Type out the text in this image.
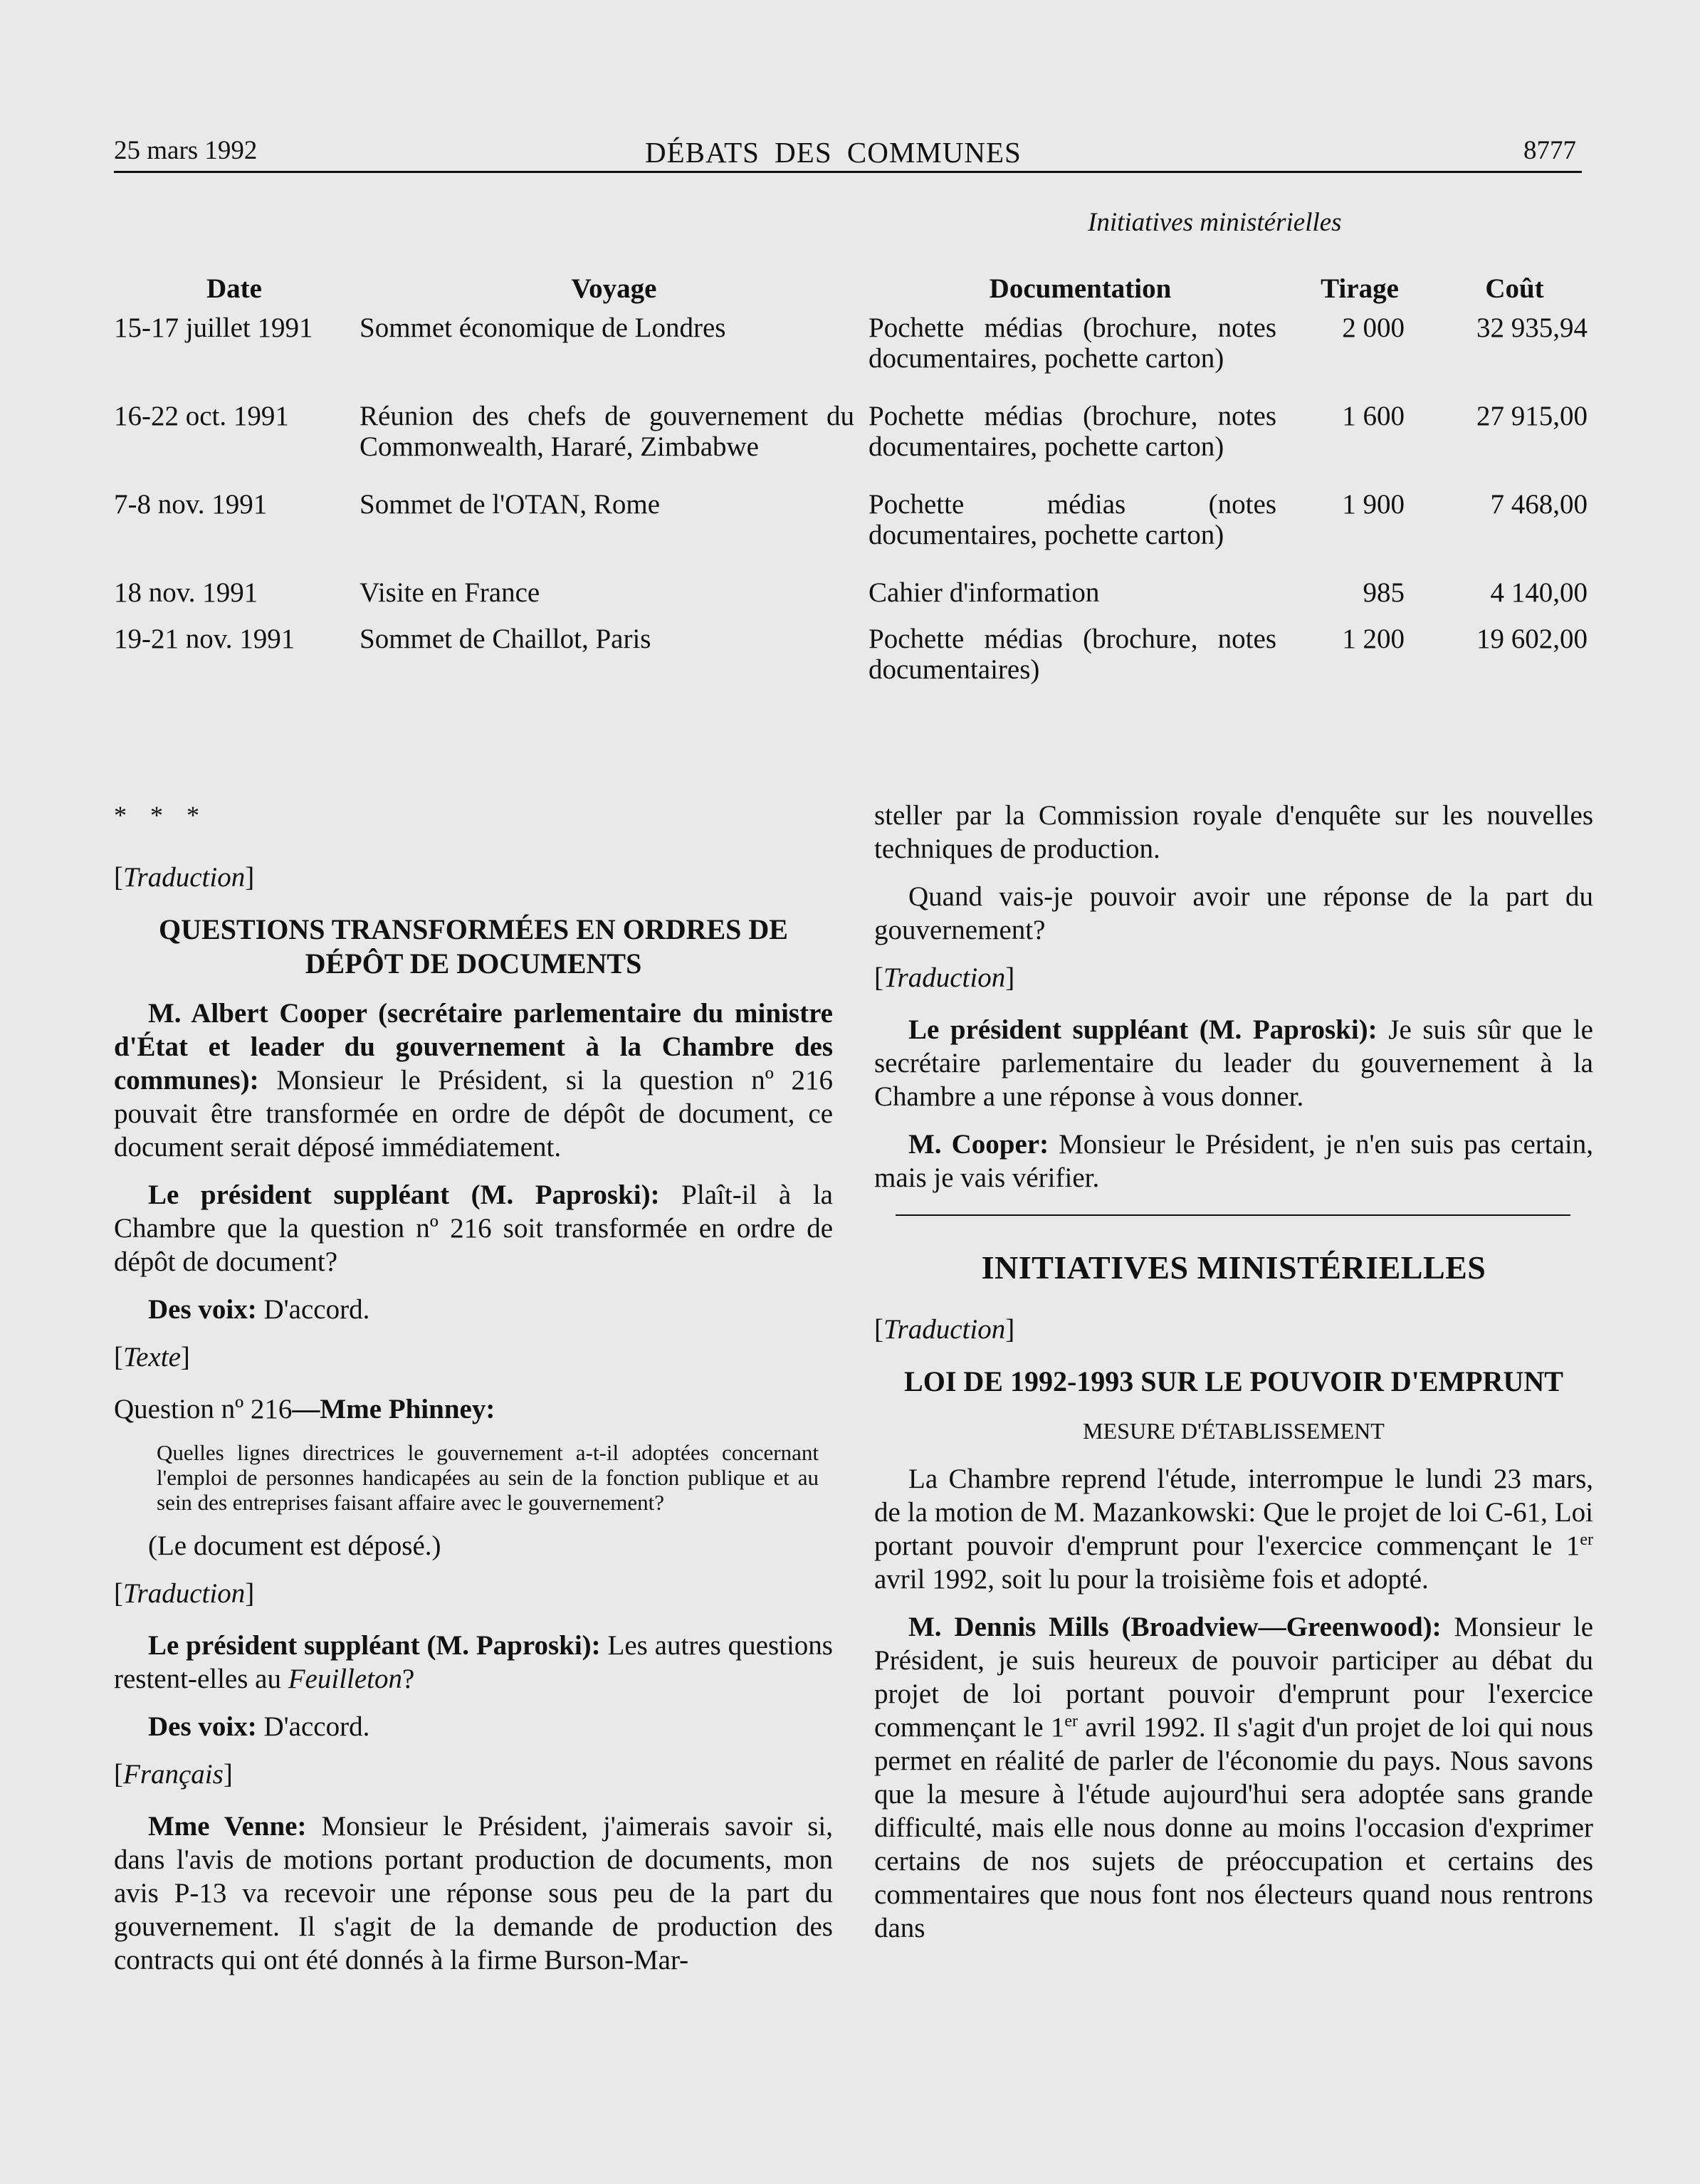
25 mars 1992	DÉBATS DES COMMUNES	8777
Initiatives ministérielles
Date	Voyage	Documentation	Tirage	Coût
15-17 juillet 1991	Sommet économique de Londres	Pochette médias (brochure, notes documentaires, pochette carton)	2 000	32 935,94
16-22 oct. 1991	Réunion des chefs de gouvernement du Commonwealth, Hararé, Zimbabwe	Pochette médias (brochure, notes documentaires, pochette carton)	1 600	27 915,00
7-8 nov. 1991	Sommet de l'OTAN, Rome	Pochette médias (notes documentaires, pochette carton)	1 900	7 468,00
18 nov. 1991	Visite en France	Cahier d'information	985	4 140,00
19-21 nov. 1991	Sommet de Chaillot, Paris	Pochette médias (brochure, notes documentaires)	1 200	19 602,00

* * *

[Traduction]

QUESTIONS TRANSFORMÉES EN ORDRES DE DÉPÔT DE DOCUMENTS

M. Albert Cooper (secrétaire parlementaire du ministre d'État et leader du gouvernement à la Chambre des communes): Monsieur le Président, si la question nº 216 pouvait être transformée en ordre de dépôt de document, ce document serait déposé immédiatement.

Le président suppléant (M. Paproski): Plaît-il à la Chambre que la question nº 216 soit transformée en ordre de dépôt de document?

Des voix: D'accord.

[Texte]

Question nº 216—Mme Phinney:

Quelles lignes directrices le gouvernement a-t-il adoptées concernant l'emploi de personnes handicapées au sein de la fonction publique et au sein des entreprises faisant affaire avec le gouvernement?

(Le document est déposé.)

[Traduction]

Le président suppléant (M. Paproski): Les autres questions restent-elles au Feuilleton?

Des voix: D'accord.

[Français]

Mme Venne: Monsieur le Président, j'aimerais savoir si, dans l'avis de motions portant production de documents, mon avis P-13 va recevoir une réponse sous peu de la part du gouvernement. Il s'agit de la demande de production des contracts qui ont été donnés à la firme Burson-Mar-

steller par la Commission royale d'enquête sur les nouvelles techniques de production.

Quand vais-je pouvoir avoir une réponse de la part du gouvernement?

[Traduction]

Le président suppléant (M. Paproski): Je suis sûr que le secrétaire parlementaire du leader du gouvernement à la Chambre a une réponse à vous donner.

M. Cooper: Monsieur le Président, je n'en suis pas certain, mais je vais vérifier.

INITIATIVES MINISTÉRIELLES

[Traduction]

LOI DE 1992-1993 SUR LE POUVOIR D'EMPRUNT

MESURE D'ÉTABLISSEMENT

La Chambre reprend l'étude, interrompue le lundi 23 mars, de la motion de M. Mazankowski: Que le projet de loi C-61, Loi portant pouvoir d'emprunt pour l'exercice commençant le 1er avril 1992, soit lu pour la troisième fois et adopté.

M. Dennis Mills (Broadview—Greenwood): Monsieur le Président, je suis heureux de pouvoir participer au débat du projet de loi portant pouvoir d'emprunt pour l'exercice commençant le 1er avril 1992. Il s'agit d'un projet de loi qui nous permet en réalité de parler de l'économie du pays. Nous savons que la mesure à l'étude aujourd'hui sera adoptée sans grande difficulté, mais elle nous donne au moins l'occasion d'exprimer certains de nos sujets de préoccupation et certains des commentaires que nous font nos électeurs quand nous rentrons dans
